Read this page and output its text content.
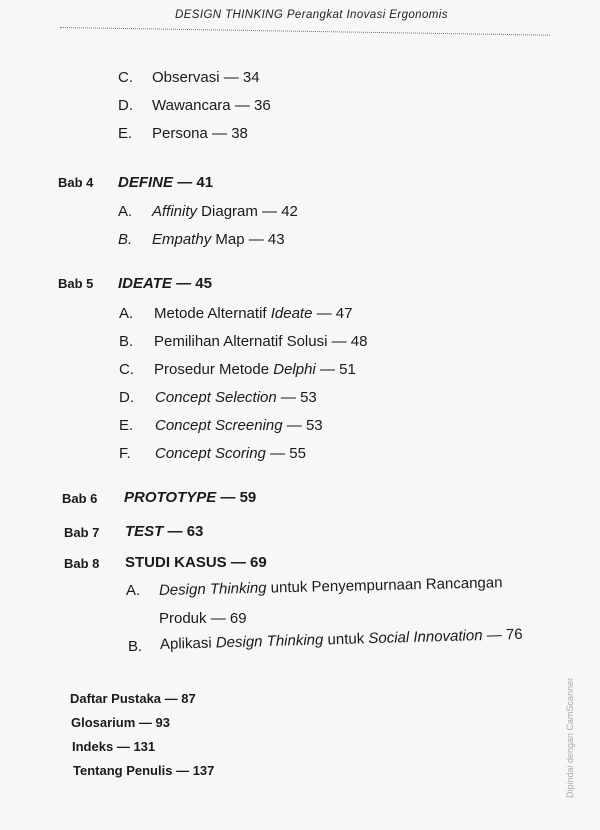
DESIGN THINKING Perangkat Inovasi Ergonomis
C. Observasi — 34
D. Wawancara — 36
E. Persona — 38
Bab 4 DEFINE — 41
A. Affinity Diagram — 42
B. Empathy Map — 43
Bab 5 IDEATE — 45
A. Metode Alternatif Ideate — 47
B. Pemilihan Alternatif Solusi — 48
C. Prosedur Metode Delphi — 51
D. Concept Selection — 53
E. Concept Screening — 53
F. Concept Scoring — 55
Bab 6 PROTOTYPE — 59
Bab 7 TEST — 63
Bab 8 STUDI KASUS — 69
A. Design Thinking untuk Penyempurnaan Rancangan
Produk — 69
B. Aplikasi Design Thinking untuk Social Innovation — 76
Daftar Pustaka — 87
Glosarium — 93
Indeks — 131
Tentang Penulis — 137	Dipindai dengan CamScanner
